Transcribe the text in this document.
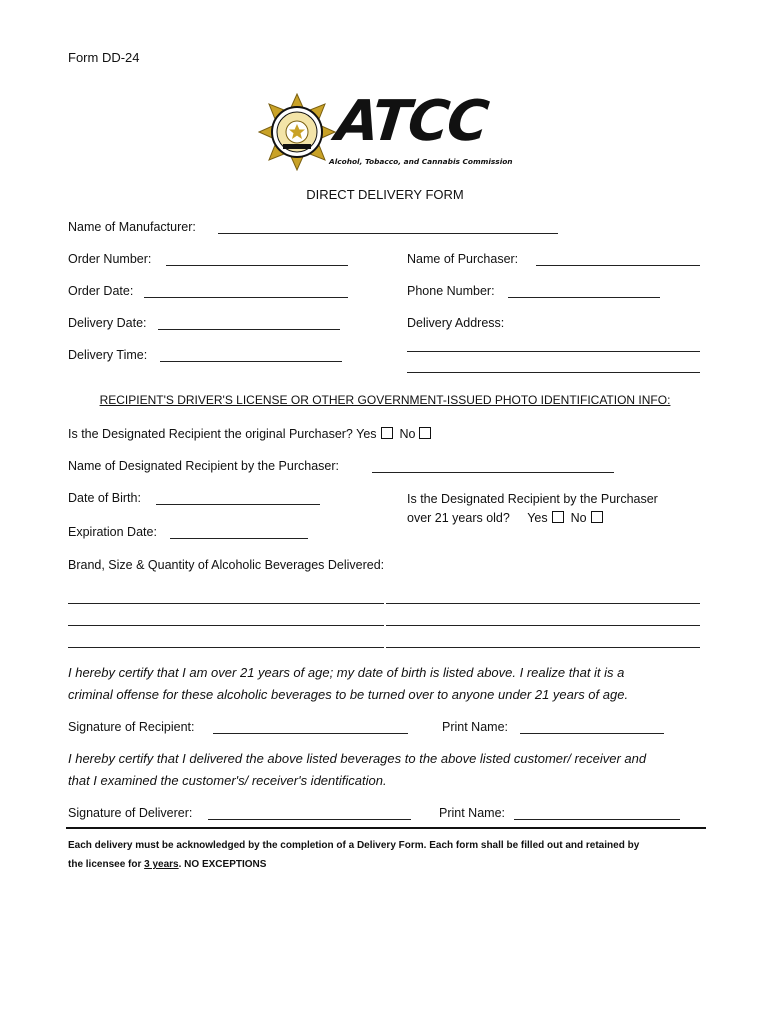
Form DD-24
ATCC
Alcohol, Tobacco, and Cannabis Commission
DIRECT DELIVERY FORM
Name of Manufacturer:
Order Number:
Order Date:
Delivery Date:
Delivery Time:
Name of Purchaser:
Phone Number:
Delivery Address:
RECIPIENT'S DRIVER'S LICENSE OR OTHER GOVERNMENT-ISSUED PHOTO IDENTIFICATION INFO:
Is the Designated Recipient the original Purchaser? Yes No
Name of Designated Recipient by the Purchaser:
Date of Birth:
Expiration Date:
Is the Designated Recipient by the Purchaser
over 21 years old? Yes No
Brand, Size & Quantity of Alcoholic Beverages Delivered:
I hereby certify that I am over 21 years of age; my date of birth is listed above. I realize that it is a
criminal offense for these alcoholic beverages to be turned over to anyone under 21 years of age.
Signature of Recipient:	Print Name:
I hereby certify that I delivered the above listed beverages to the above listed customer/ receiver and
that I examined the customer's/ receiver's identification.
Signature of Deliverer:	Print Name:
Each delivery must be acknowledged by the completion of a Delivery Form. Each form shall be filled out and retained by
the licensee for 3 years. NO EXCEPTIONS
